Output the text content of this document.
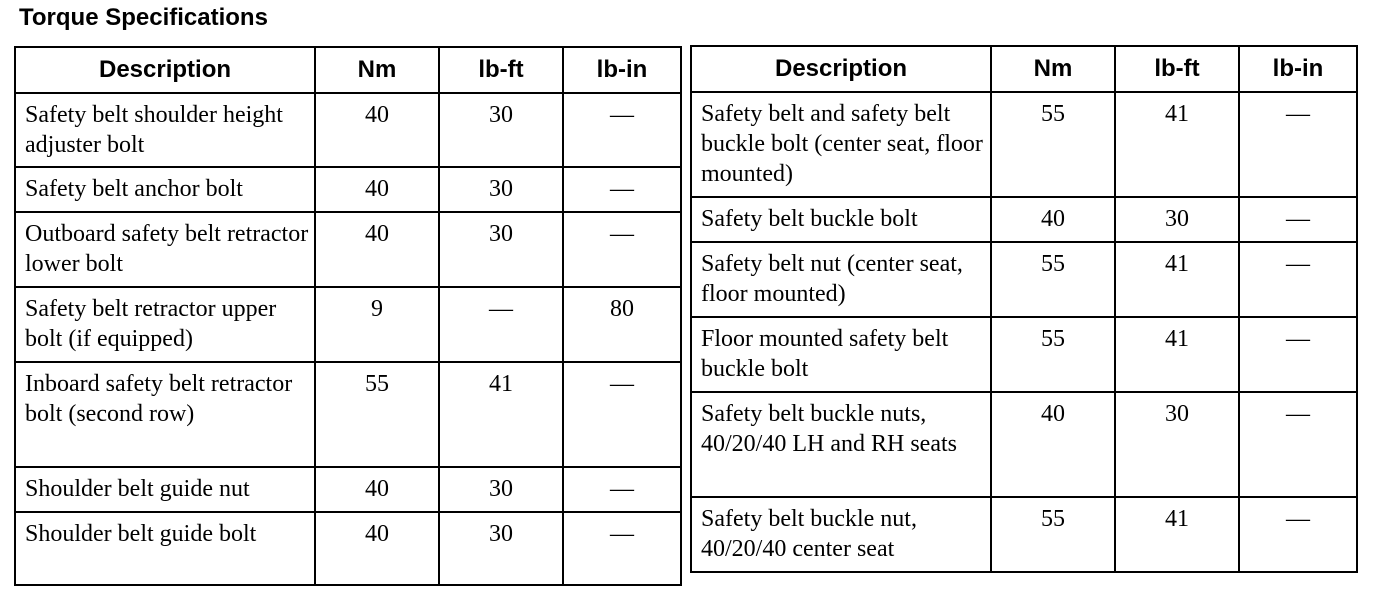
Torque Specifications
Description	Nm	lb-ft	lb-in
Safety belt shoulder height adjuster bolt	40	30	—
Safety belt anchor bolt	40	30	—
Outboard safety belt retractor lower bolt	40	30	—
Safety belt retractor upper bolt (if equipped)	9	—	80
Inboard safety belt retractor bolt (second row)	55	41	—
Shoulder belt guide nut	40	30	—
Shoulder belt guide bolt	40	30	—
Description	Nm	lb-ft	lb-in
Safety belt and safety belt buckle bolt (center seat, floor mounted)	55	41	—
Safety belt buckle bolt	40	30	—
Safety belt nut (center seat, floor mounted)	55	41	—
Floor mounted safety belt buckle bolt	55	41	—
Safety belt buckle nuts, 40/20/40 LH and RH seats	40	30	—
Safety belt buckle nut, 40/20/40 center seat	55	41	—
